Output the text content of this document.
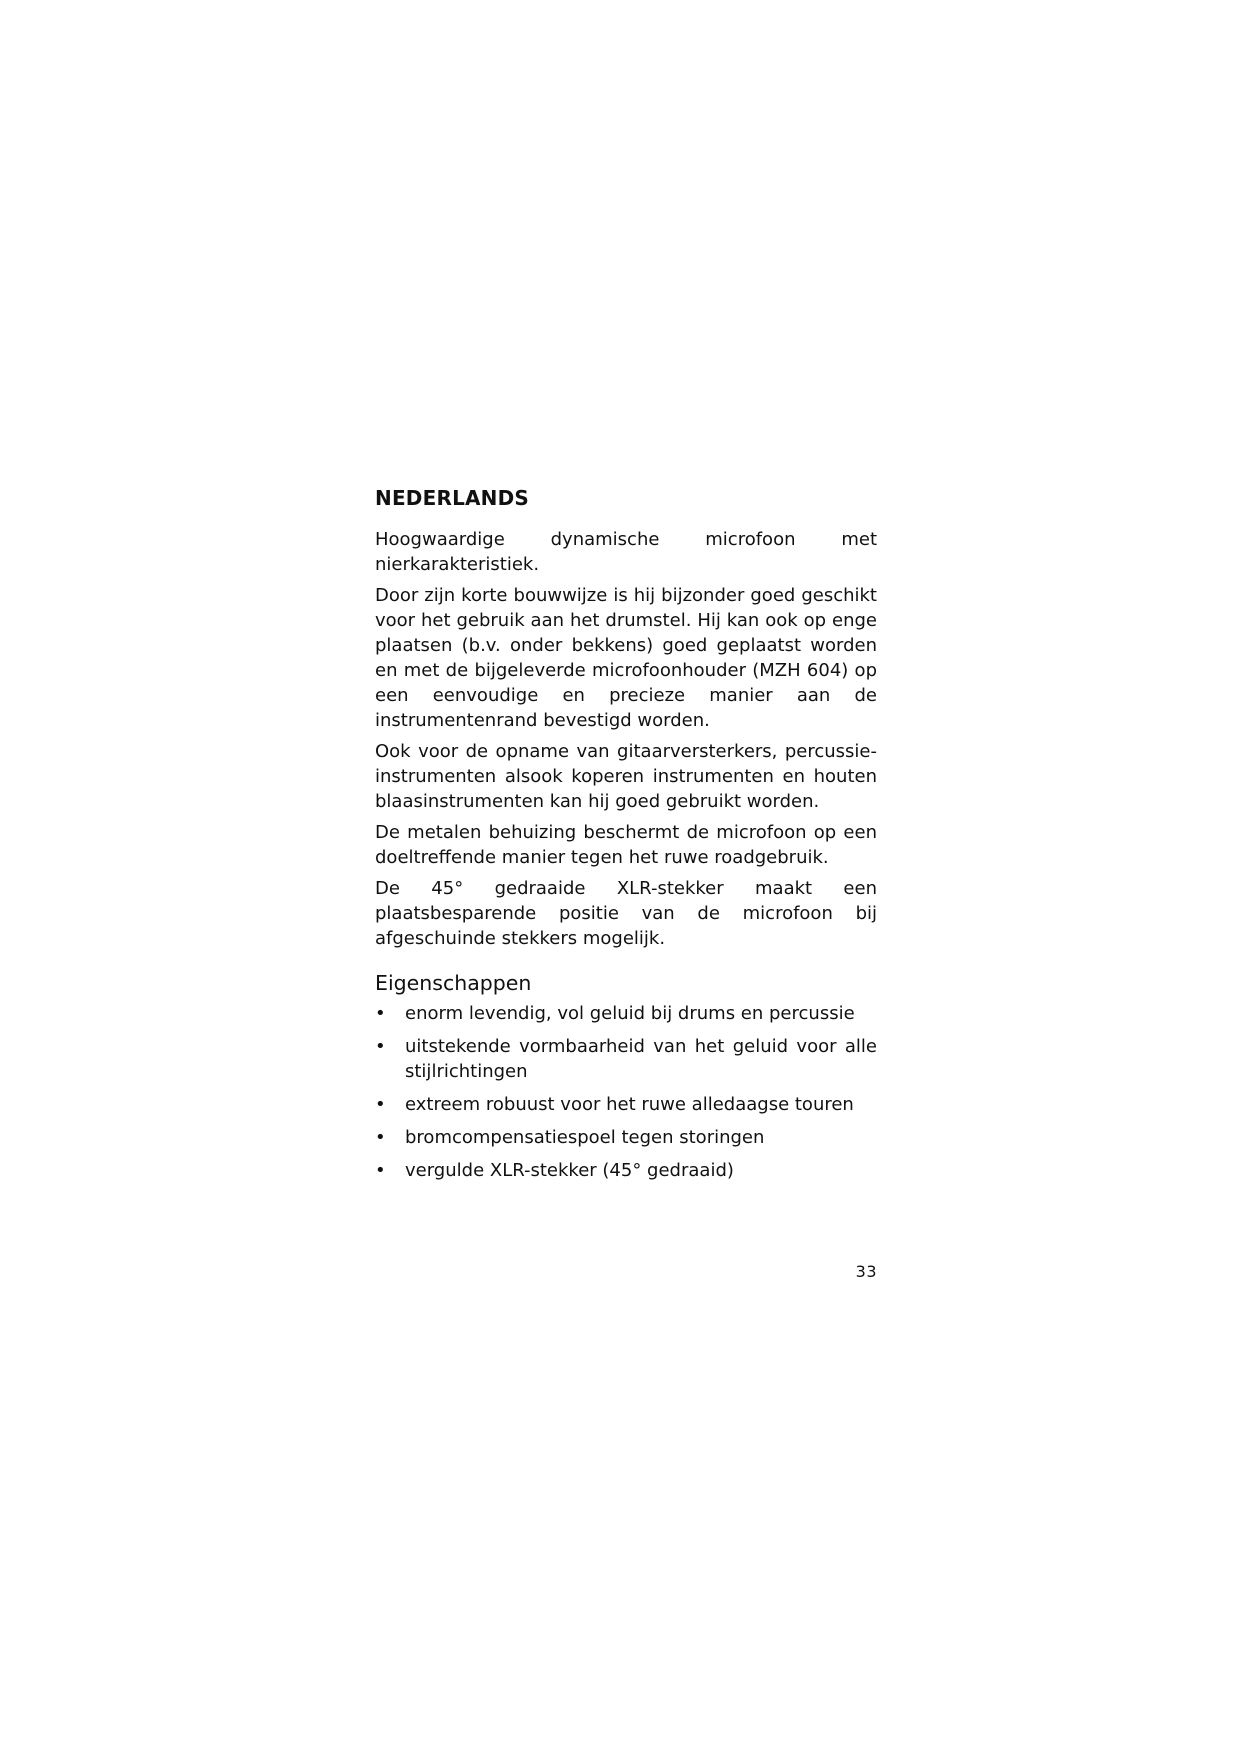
NEDERLANDS

Hoogwaardige dynamische microfoon met nierkarakteristiek.

Door zijn korte bouwwijze is hij bijzonder goed geschikt voor het gebruik aan het drumstel. Hij kan ook op enge plaatsen (b.v. onder bekkens) goed geplaatst worden en met de bijgeleverde microfoonhouder (MZH 604) op een eenvoudige en precieze manier aan de instrumentenrand bevestigd worden.

Ook voor de opname van gitaarversterkers, percussie-instrumenten alsook koperen instrumenten en houten blaasinstrumenten kan hij goed gebruikt worden.

De metalen behuizing beschermt de microfoon op een doeltreffende manier tegen het ruwe roadgebruik.

De 45° gedraaide XLR-stekker maakt een plaatsbesparende positie van de microfoon bij afgeschuinde stekkers mogelijk.

Eigenschappen
• enorm levendig, vol geluid bij drums en percussie
• uitstekende vormbaarheid van het geluid voor alle stijlrichtingen
• extreem robuust voor het ruwe alledaagse touren
• bromcompensatiespoel tegen storingen
• vergulde XLR-stekker (45° gedraaid)
33
